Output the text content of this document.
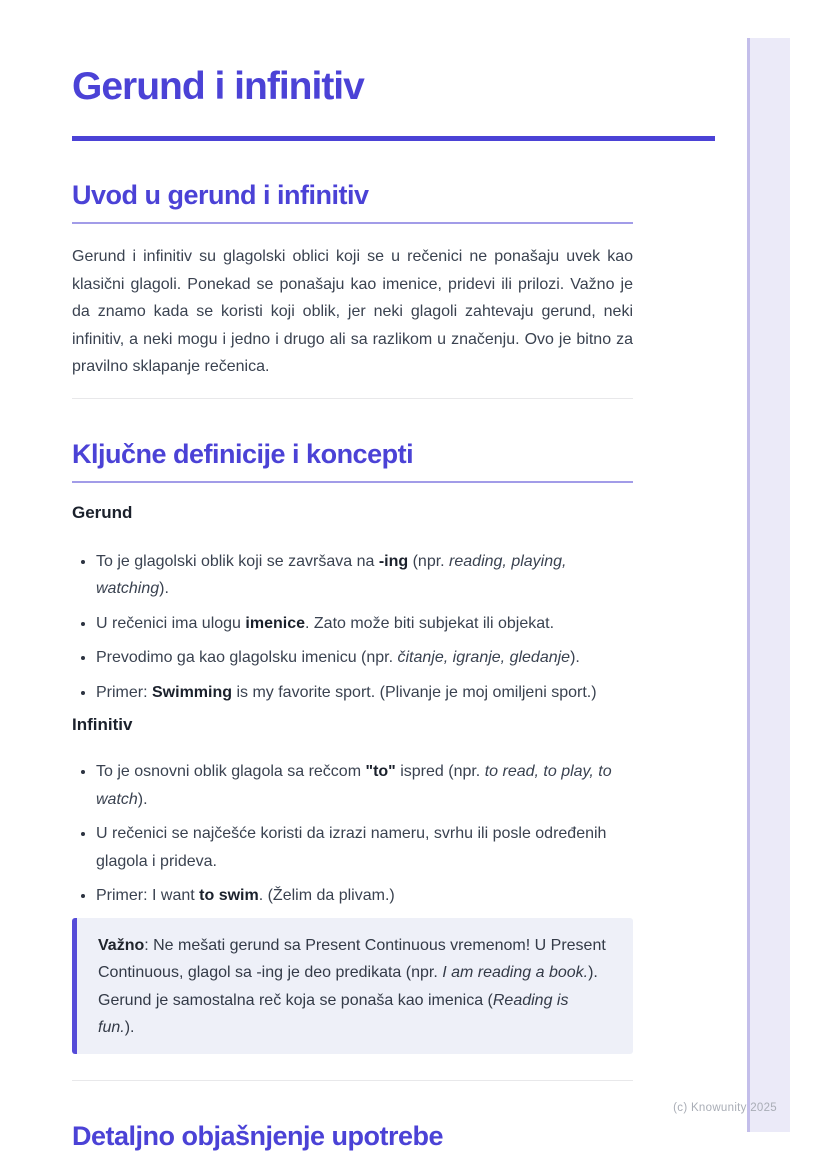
Gerund i infinitiv
Uvod u gerund i infinitiv

Gerund i infinitiv su glagolski oblici koji se u rečenici ne ponašaju uvek kao klasični glagoli. Ponekad se ponašaju kao imenice, pridevi ili prilozi. Važno je da znamo kada se koristi koji oblik, jer neki glagoli zahtevaju gerund, neki infinitiv, a neki mogu i jedno i drugo ali sa razlikom u značenju. Ovo je bitno za pravilno sklapanje rečenica.

Ključne definicije i koncepti
Gerund
• To je glagolski oblik koji se završava na -ing (npr. reading, playing, watching).
• U rečenici ima ulogu imenice. Zato može biti subjekat ili objekat.
• Prevodimo ga kao glagolsku imenicu (npr. čitanje, igranje, gledanje).
• Primer: Swimming is my favorite sport. (Plivanje je moj omiljeni sport.)
Infinitiv
• To je osnovni oblik glagola sa rečcom "to" ispred (npr. to read, to play, to watch).
• U rečenici se najčešće koristi da izrazi nameru, svrhu ili posle određenih glagola i prideva.
• Primer: I want to swim. (Želim da plivam.)

Važno: Ne mešati gerund sa Present Continuous vremenom! U Present Continuous, glagol sa -ing je deo predikata (npr. I am reading a book.). Gerund je samostalna reč koja se ponaša kao imenica (Reading is fun.).

Detaljno objašnjenje upotrebe
(c) Knowunity 2025
